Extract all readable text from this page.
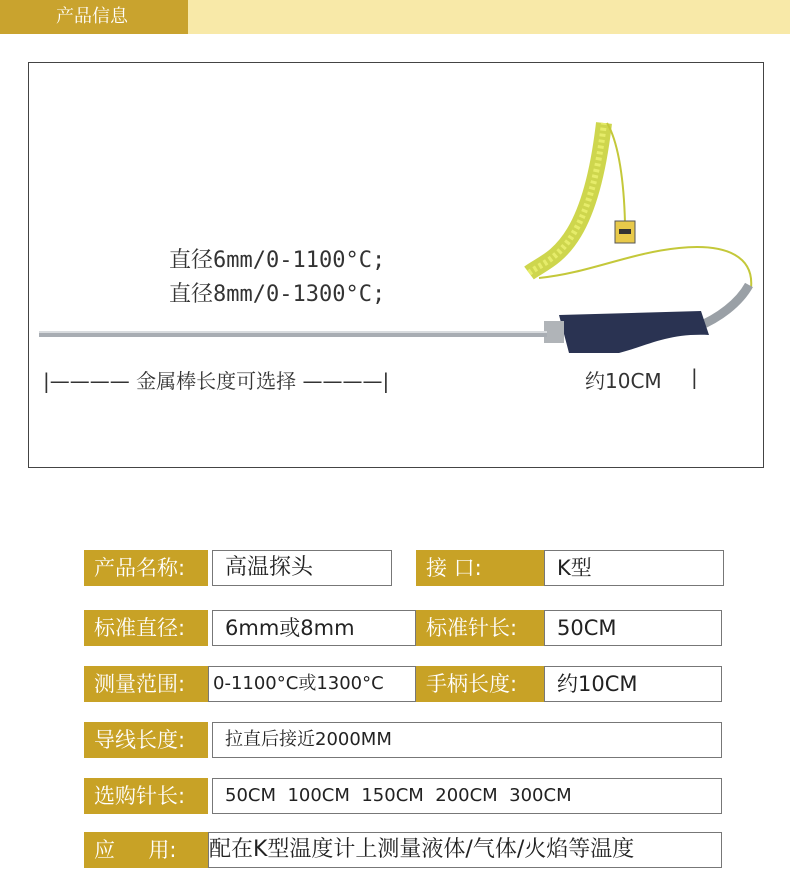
产品信息
直径6mm/0-1100°C;
直径8mm/0-1300°C;
|———— 金属棒长度可选择 ————|	约10CM |
产品名称:	高温探头	接 口:	K型
标准直径:	6mm或8mm	标准针长:	50CM
测量范围:	0-1100°C或1300°C	手柄长度:	约10CM
导线长度:	拉直后接近2000MM
选购针长:	50CM  100CM  150CM  200CM  300CM
应     用:	配在K型温度计上测量液体/气体/火焰等温度
